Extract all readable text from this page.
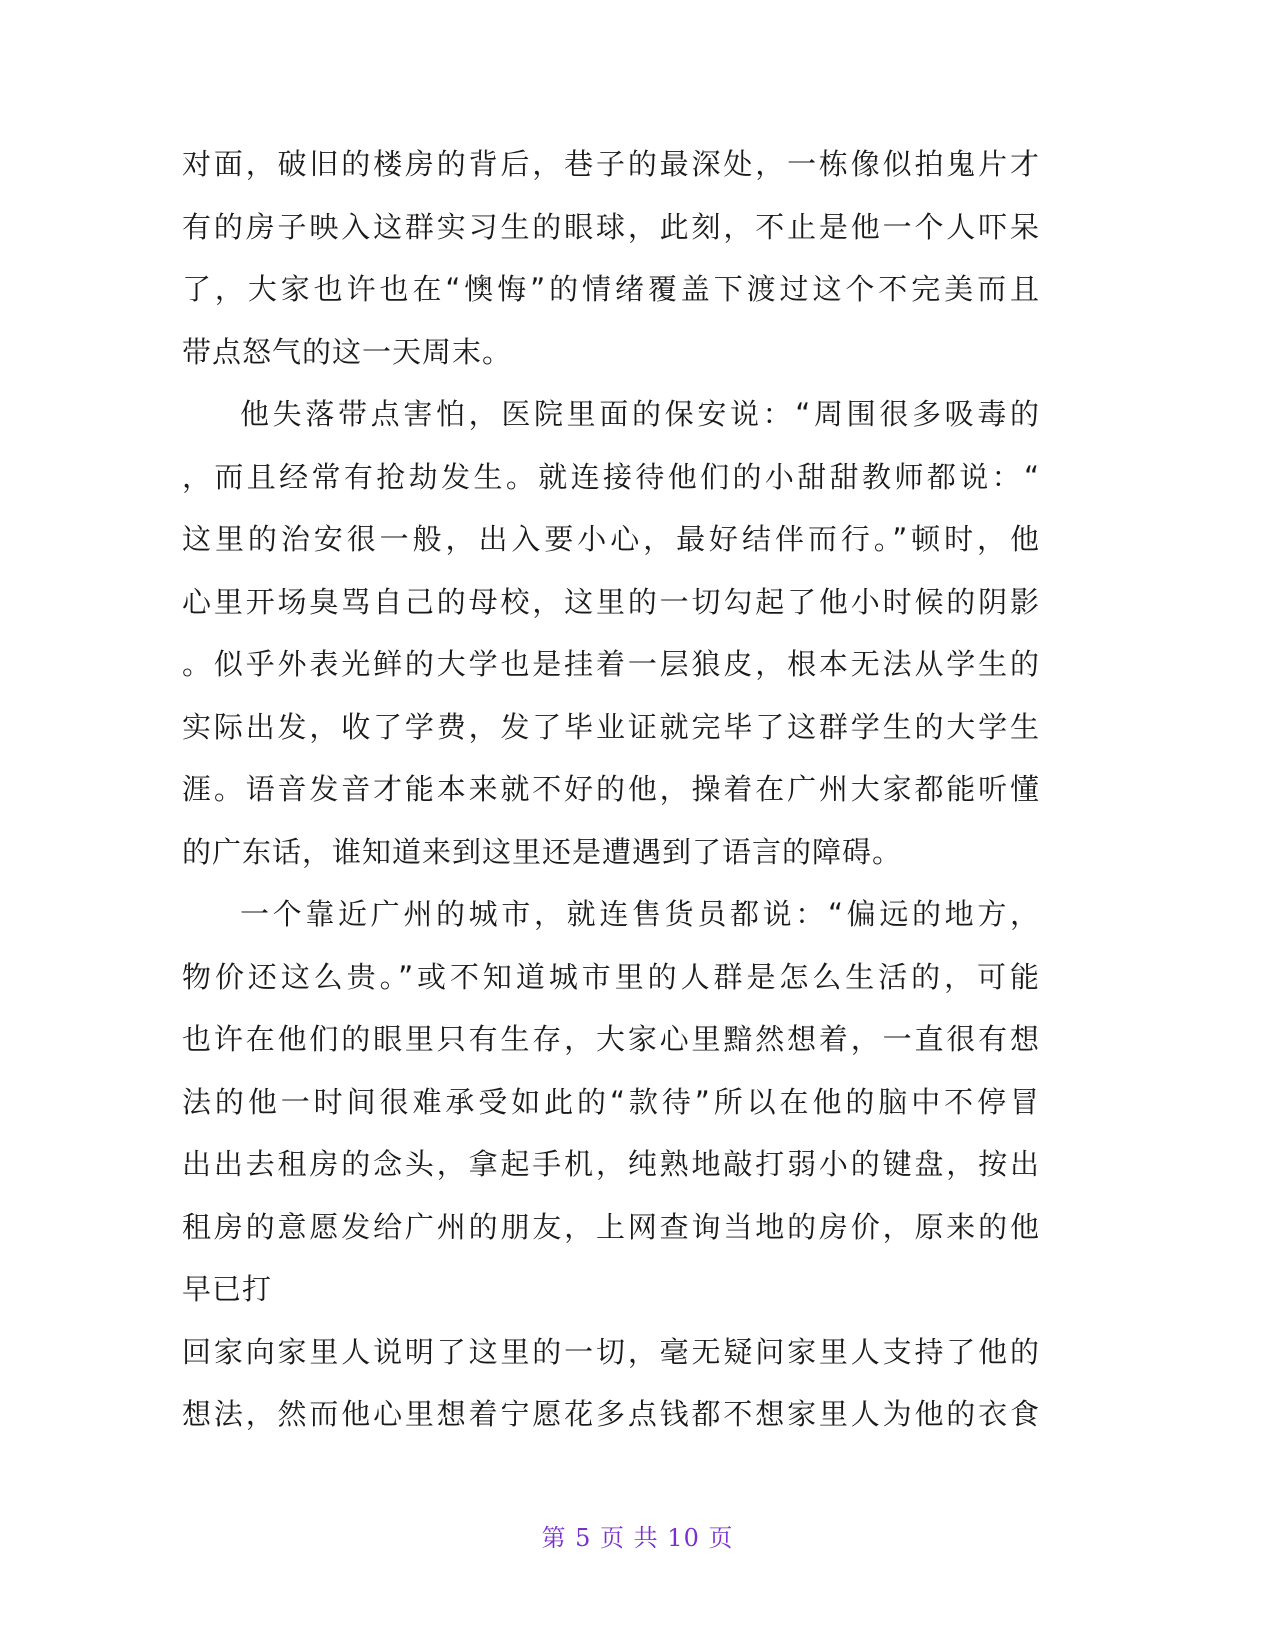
对面，破旧的楼房的背后，巷子的最深处，一栋像似拍鬼片才
有的房子映入这群实习生的眼球，此刻，不止是他一个人吓呆
了，大家也许也在“懊悔”的情绪覆盖下渡过这个不完美而且
带点怒气的这一天周末。
他失落带点害怕，医院里面的保安说：“周围很多吸毒的
，而且经常有抢劫发生。就连接待他们的小甜甜教师都说：“
这里的治安很一般，出入要小心，最好结伴而行。”顿时，他
心里开场臭骂自己的母校，这里的一切勾起了他小时候的阴影
。似乎外表光鲜的大学也是挂着一层狼皮，根本无法从学生的
实际出发，收了学费，发了毕业证就完毕了这群学生的大学生
涯。语音发音才能本来就不好的他，操着在广州大家都能听懂
的广东话，谁知道来到这里还是遭遇到了语言的障碍。
一个靠近广州的城市，就连售货员都说：“偏远的地方，
物价还这么贵。”或不知道城市里的人群是怎么生活的，可能
也许在他们的眼里只有生存，大家心里黯然想着，一直很有想
法的他一时间很难承受如此的“款待”所以在他的脑中不停冒
出出去租房的念头，拿起手机，纯熟地敲打弱小的键盘，按出
租房的意愿发给广州的朋友，上网查询当地的房价，原来的他
早已打
回家向家里人说明了这里的一切，毫无疑问家里人支持了他的
想法，然而他心里想着宁愿花多点钱都不想家里人为他的衣食
第 5 页 共 10 页
